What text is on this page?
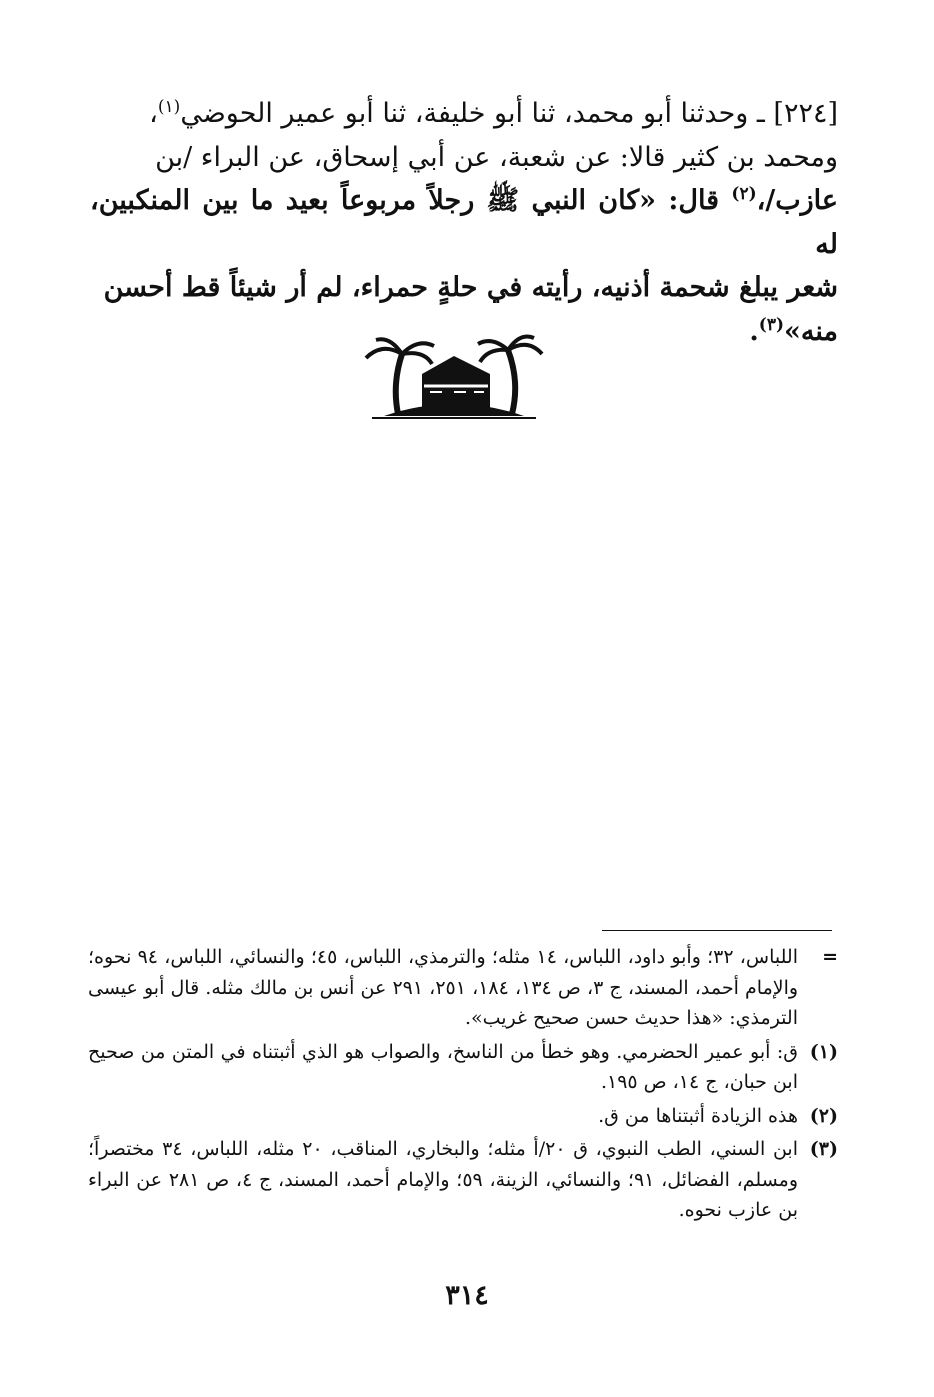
[٢٢٤] ـ وحدثنا أبو محمد، ثنا أبو خليفة، ثنا أبو عمير الحوضي$^{(١)}$،

ومحمد بن كثير قالا: عن شعبة، عن أبي إسحاق، عن البراء /بن

عازب/،$^{(٢)}$ قال: «كان النبي ﷺ رجلاً مربوعاً بعيد ما بين المنكبين، له

شعر يبلغ شحمة أذنيه، رأيته في حلةٍ حمراء، لم أر شيئاً قط أحسن

منه»$^{(٣)}$.

=
اللباس، ٣٢؛ وأبو داود، اللباس، ١٤ مثله؛ والترمذي، اللباس، ٤٥؛ والنسائي، اللباس، ٩٤ نحوه؛ والإمام أحمد، المسند، ج ٣، ص ١٣٤، ١٨٤، ٢٥١، ٢٩١ عن أنس بن مالك مثله. قال أبو عيسى الترمذي: «هذا حديث حسن صحيح غريب».
(١)
ق: أبو عمير الحضرمي. وهو خطأ من الناسخ، والصواب هو الذي أثبتناه في المتن من صحيح ابن حبان، ج ١٤، ص ١٩٥.
(٢)
هذه الزيادة أثبتناها من ق.
(٣)
ابن السني، الطب النبوي، ق ٢٠/أ مثله؛ والبخاري، المناقب، ٢٠ مثله، اللباس، ٣٤ مختصراً؛ ومسلم، الفضائل، ٩١؛ والنسائي، الزينة، ٥٩؛ والإمام أحمد، المسند، ج ٤، ص ٢٨١ عن البراء بن عازب نحوه.
٣١٤
